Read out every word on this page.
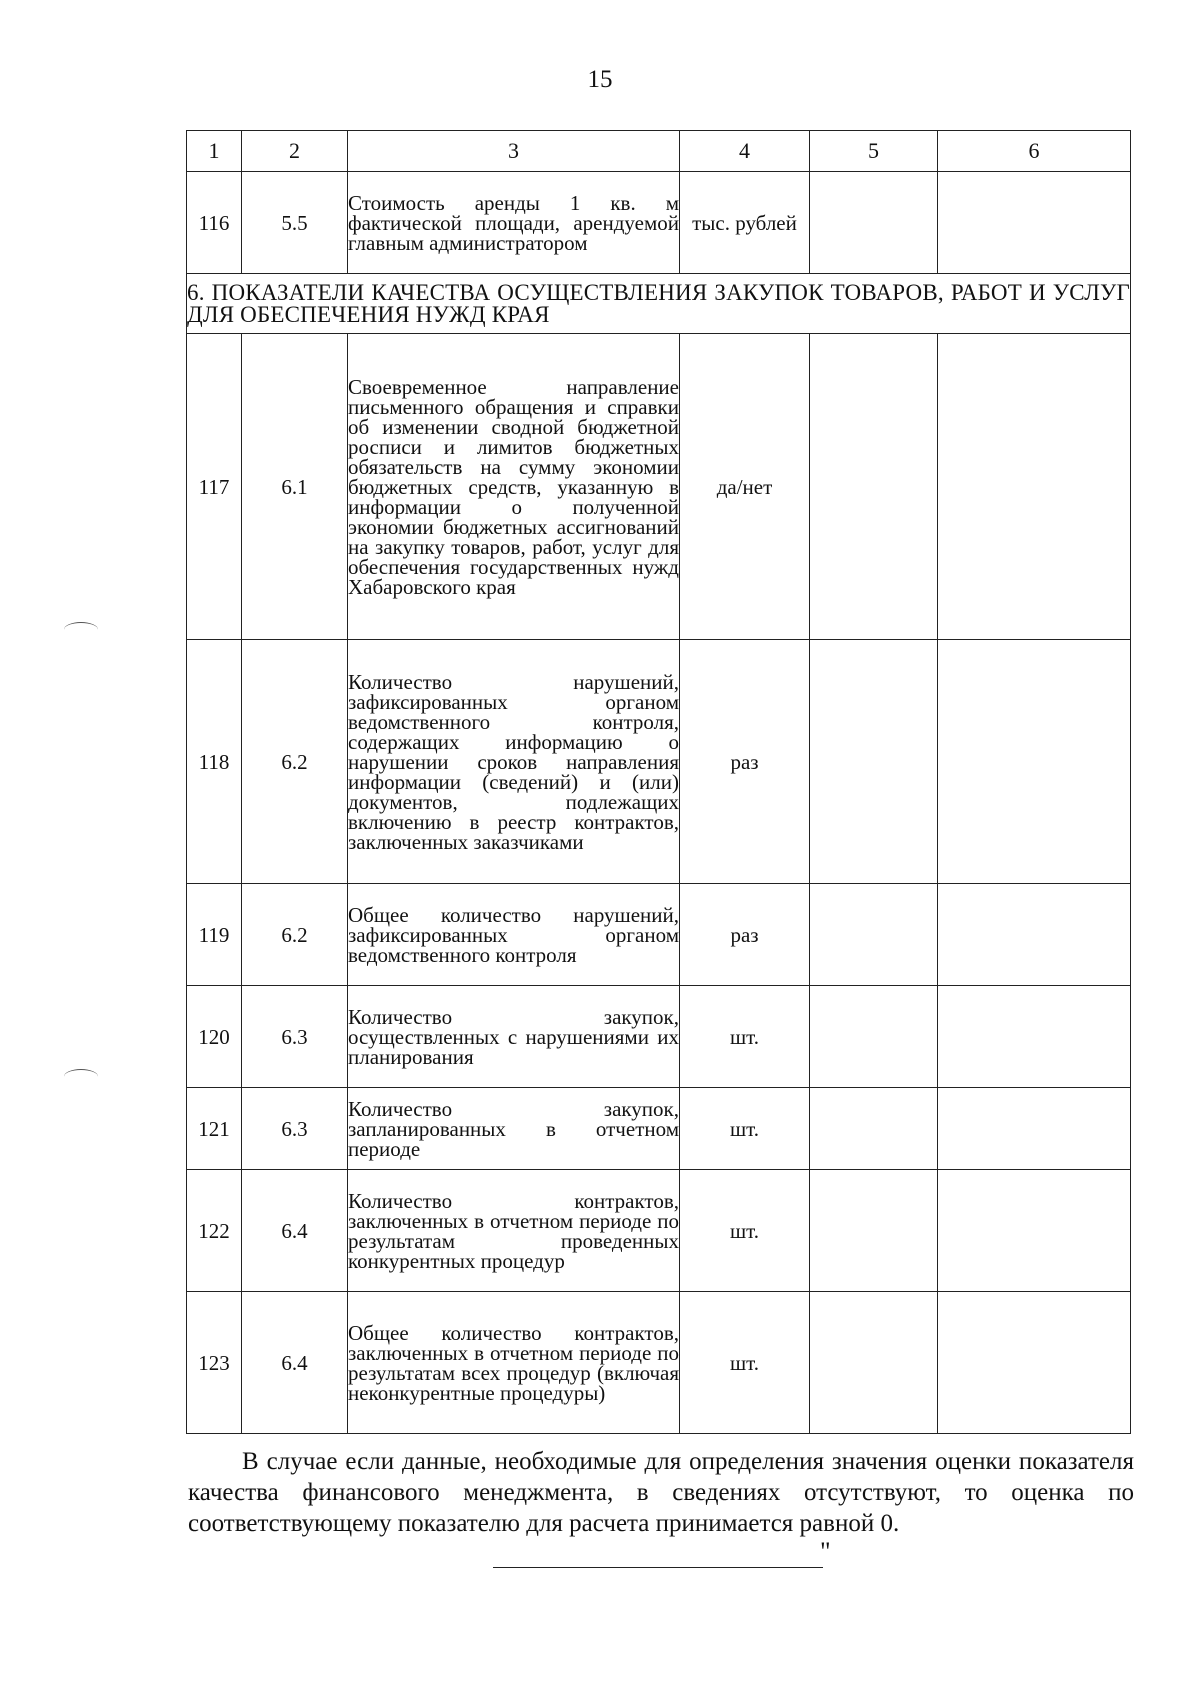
15
1	2	3	4	5	6
116	5.5	Стоимость аренды 1 кв. м фактической площади, арендуемой главным администратором	тыс. рублей		
6. ПОКАЗАТЕЛИ КАЧЕСТВА ОСУЩЕСТВЛЕНИЯ ЗАКУПОК ТОВАРОВ, РАБОТ И УСЛУГ ДЛЯ ОБЕСПЕЧЕНИЯ НУЖД КРАЯ					
117	6.1	Своевременное направление письменного обращения и справки об изменении сводной бюджетной росписи и лимитов бюджетных обязательств на сумму экономии бюджетных средств, указанную в информации о полученной экономии бюджетных ассигнований на закупку товаров, работ, услуг для обеспечения государственных нужд Хабаровского края	да/нет		
118	6.2	Количество нарушений, зафиксированных органом ведомственного контроля, содержащих информацию о нарушении сроков направления информации (сведений) и (или) документов, подлежащих включению в реестр контрактов, заключенных заказчиками	раз		
119	6.2	Общее количество нарушений, зафиксированных органом ведомственного контроля	раз		
120	6.3	Количество закупок, осуществленных с нарушениями их планирования	шт.		
121	6.3	Количество закупок, запланированных в отчетном периоде	шт.		
122	6.4	Количество контрактов, заключенных в отчетном периоде по результатам проведенных конкурентных процедур	шт.		
123	6.4	Общее количество контрактов, заключенных в отчетном периоде по результатам всех процедур (включая неконкурентные процедуры)	шт.		

В случае если данные, необходимые для определения значения оценки показателя качества финансового менеджмента, в сведениях отсутствуют, то оценка по соответствующему показателю для расчета принимается равной 0.

"
